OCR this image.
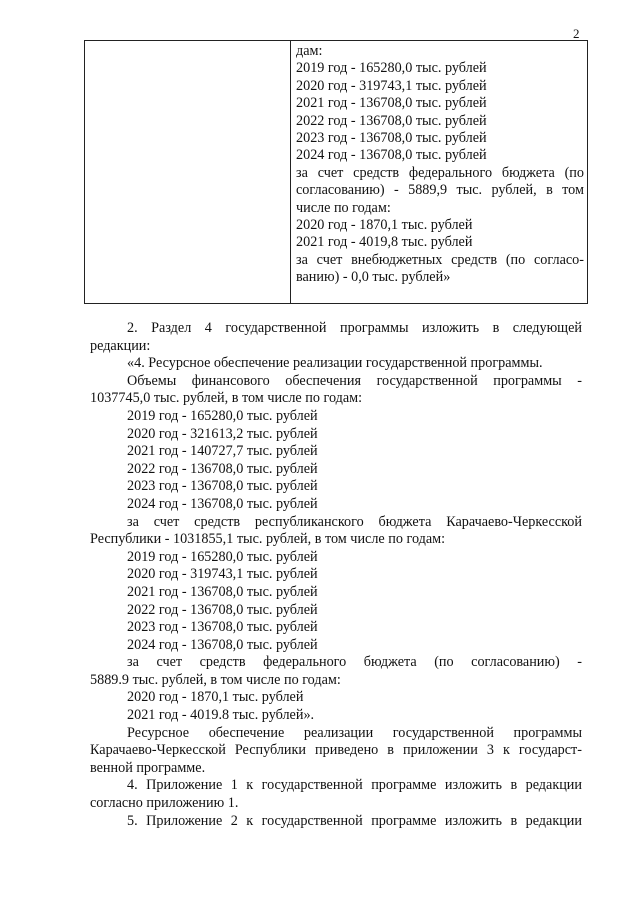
2
дам:
2019 год - 165280,0 тыс. рублей
2020 год - 319743,1 тыс. рублей
2021 год - 136708,0 тыс. рублей
2022 год - 136708,0 тыс. рублей
2023 год - 136708,0 тыс. рублей
2024 год - 136708,0 тыс. рублей
за счет средств федерального бюджета (по
согласованию) - 5889,9 тыс. рублей, в том
числе по годам:
2020 год - 1870,1 тыс. рублей
2021 год - 4019,8 тыс. рублей
за счет внебюджетных средств (по согласо-
ванию) - 0,0 тыс. рублей»
2. Раздел 4 государственной программы изложить в следующей
редакции:
«4. Ресурсное обеспечение реализации государственной программы.
Объемы финансового обеспечения государственной программы -
1037745,0 тыс. рублей, в том числе по годам:
2019 год - 165280,0 тыс. рублей
2020 год - 321613,2 тыс. рублей
2021 год - 140727,7 тыс. рублей
2022 год - 136708,0 тыс. рублей
2023 год - 136708,0 тыс. рублей
2024 год - 136708,0 тыс. рублей
за счет средств республиканского бюджета Карачаево-Черкесской
Республики - 1031855,1 тыс. рублей, в том числе по годам:
2019 год - 165280,0 тыс. рублей
2020 год - 319743,1 тыс. рублей
2021 год - 136708,0 тыс. рублей
2022 год - 136708,0 тыс. рублей
2023 год - 136708,0 тыс. рублей
2024 год - 136708,0 тыс. рублей
за счет средств федерального бюджета (по согласованию) -
5889.9 тыс. рублей, в том числе по годам:
2020 год - 1870,1 тыс. рублей
2021 год - 4019.8 тыс. рублей».
Ресурсное обеспечение реализации государственной программы
Карачаево-Черкесской Республики приведено в приложении 3 к государст-
венной программе.
4. Приложение 1 к государственной программе изложить в редакции
согласно приложению 1.
5. Приложение 2 к государственной программе изложить в редакции
